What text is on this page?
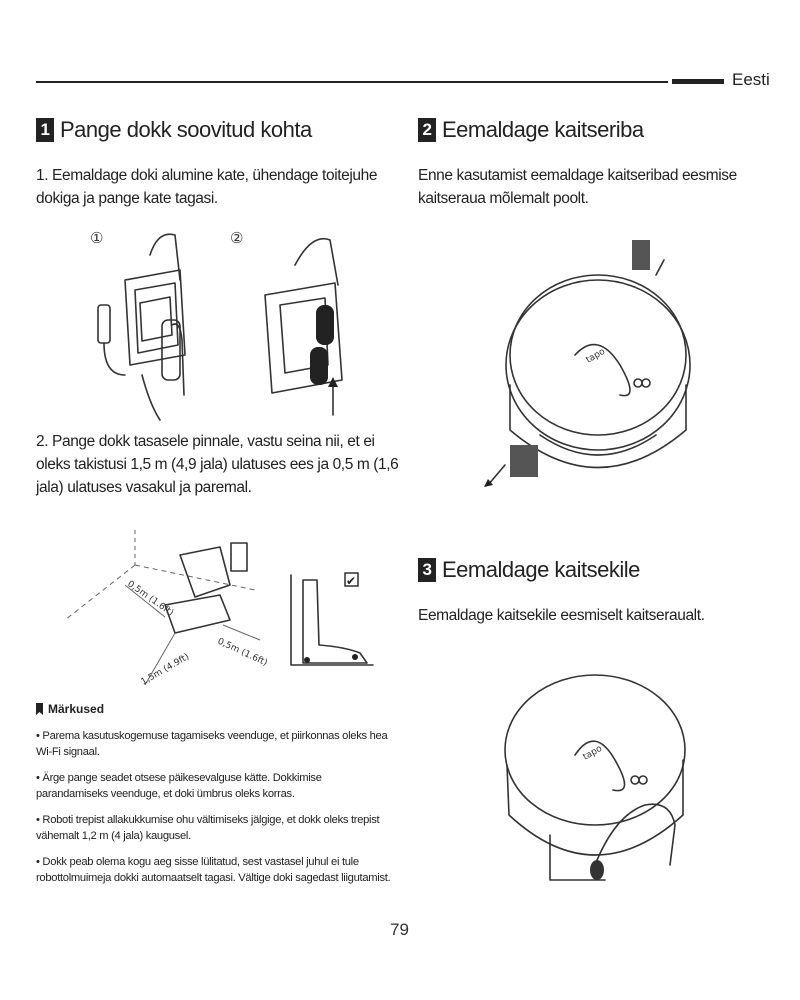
Eesti
1 Pange dokk soovitud kohta
1. Eemaldage doki alumine kate, ühendage toitejuhe dokiga ja pange kate tagasi.
①	②
2. Pange dokk tasasele pinnale, vastu seina nii, et ei oleks takistusi 1,5 m (4,9 jala) ulatuses ees ja 0,5 m (1,6 jala) ulatuses vasakul ja paremal.
0,5m (1.6ft)
0,5m (1.6ft)
1,5m (4.9ft)
✔
Märkused
• Parema kasutuskogemuse tagamiseks veenduge, et piirkonnas oleks hea Wi-Fi signaal.
• Ärge pange seadet otsese päikesevalguse kätte. Dokkimise parandamiseks veenduge, et doki ümbrus oleks korras.
• Roboti trepist allakukkumise ohu vältimiseks jälgige, et dokk oleks trepist vähemalt 1,2 m (4 jala) kaugusel.
• Dokk peab olema kogu aeg sisse lülitatud, sest vastasel juhul ei tule robottolmuimeja dokki automaatselt tagasi. Vältige doki sagedast liigutamist.
2 Eemaldage kaitseriba
Enne kasutamist eemaldage kaitseribad eesmise kaitseraua mõlemalt poolt.
tapo
3 Eemaldage kaitsekile
Eemaldage kaitsekile eesmiselt kaitseraualt.
tapo
79
